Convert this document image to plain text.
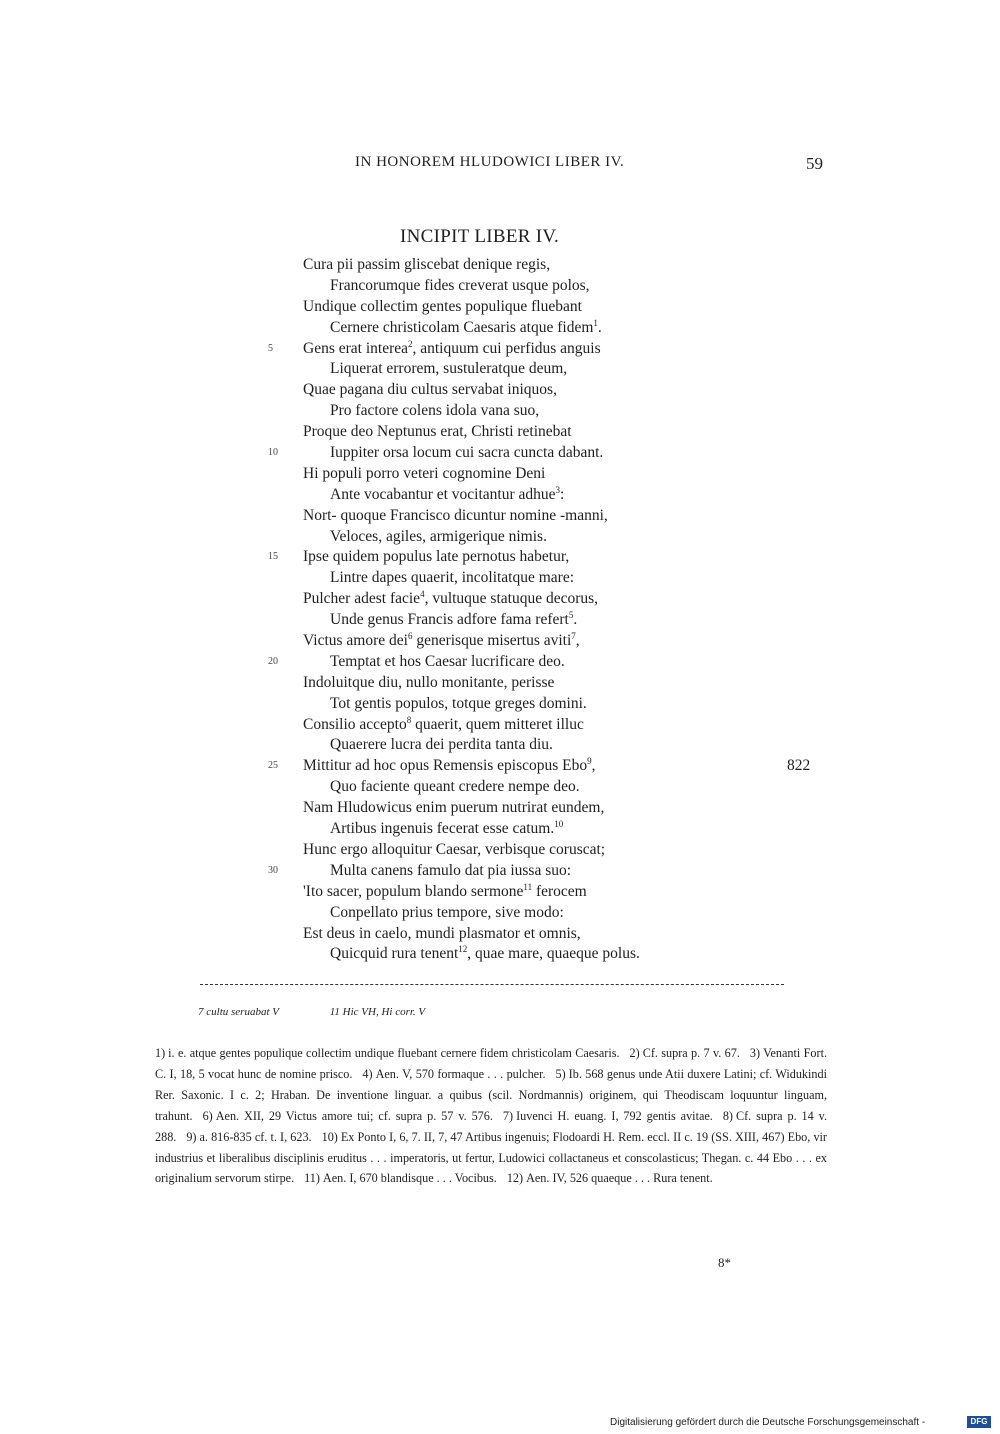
IN HONOREM HLUDOWICI LIBER IV.	59
INCIPIT LIBER IV.
Cura pii passim gliscebat denique regis,
Francorumque fides creverat usque polos,
Undique collectim gentes populique fluebant
Cernere christicolam Caesaris atque fidem$^1$.
5 Gens erat interea$^2$, antiquum cui perfidus anguis
Liquerat errorem, sustuleratque deum,
Quae pagana diu cultus servabat iniquos,
Pro factore colens idola vana suo,
Proque deo Neptunus erat, Christi retinebat
10	Iuppiter orsa locum cui sacra cuncta dabant.
Hi populi porro veteri cognomine Deni
Ante vocabantur et vocitantur adhue$^3$:
Nort- quoque Francisco dicuntur nomine -manni,
Veloces, agiles, armigerique nimis.
15 Ipse quidem populus late pernotus habetur,
Lintre dapes quaerit, incolitatque mare:
Pulcher adest facie$^4$, vultuque statuque decorus,
Unde genus Francis adfore fama refert$^5$.
Victus amore dei$^6$ generisque misertus aviti$^7$,
20	Temptat et hos Caesar lucrificare deo.
Indoluitque diu, nullo monitante, perisse
Tot gentis populos, totque greges domini.
Consilio accepto$^8$ quaerit, quem mitteret illuc
Quaerere lucra dei perdita tanta diu.
25 Mittitur ad hoc opus Remensis episcopus Ebo$^9$,	822
Quo faciente queant credere nempe deo.
Nam Hludowicus enim puerum nutrirat eundem,
Artibus ingenuis fecerat esse catum.$^{10}$
Hunc ergo alloquitur Caesar, verbisque coruscat;
30	Multa canens famulo dat pia iussa suo:
'Ito sacer, populum blando sermone$^{11}$ ferocem
Conpellato prius tempore, sive modo:
Est deus in caelo, mundi plasmator et omnis,
Quicquid rura tenent$^{12}$, quae mare, quaeque polus.
7 cultu seruabat V	11 Hic VH, Hi corr. V
1) i. e. atque gentes populique collectim undique fluebant cernere fidem christicolam Caesaris. 2) Cf. supra p. 7 v. 67. 3) Venanti Fort. C. I, 18, 5 vocat hunc de nomine prisco. 4) Aen. V, 570 formaque . . . pulcher. 5) Ib. 568 genus unde Atii duxere Latini; cf. Widukindi Rer. Saxonic. I c. 2; Hraban. De inventione linguar. a quibus (scil. Nordmannis) originem, qui Theodiscam loquuntur linguam, trahunt. 6) Aen. XII, 29 Victus amore tui; cf. supra p. 57 v. 576. 7) Iuvenci H. euang. I, 792 gentis avitae. 8) Cf. supra p. 14 v. 288. 9) a. 816-835 cf. t. I, 623. 10) Ex Ponto I, 6, 7. II, 7, 47 Artibus ingenuis; Flodoardi H. Rem. eccl. II c. 19 (SS. XIII, 467) Ebo, vir industrius et liberalibus disciplinis eruditus . . . imperatoris, ut fertur, Ludowici collactaneus et conscolasticus; Thegan. c. 44 Ebo . . . ex originalium servorum stirpe. 11) Aen. I, 670 blandisque . . . Vocibus. 12) Aen. IV, 526 quaeque . . . Rura tenent.
8*
Digitalisierung gefördert durch die Deutsche Forschungsgemeinschaft -	DFG
